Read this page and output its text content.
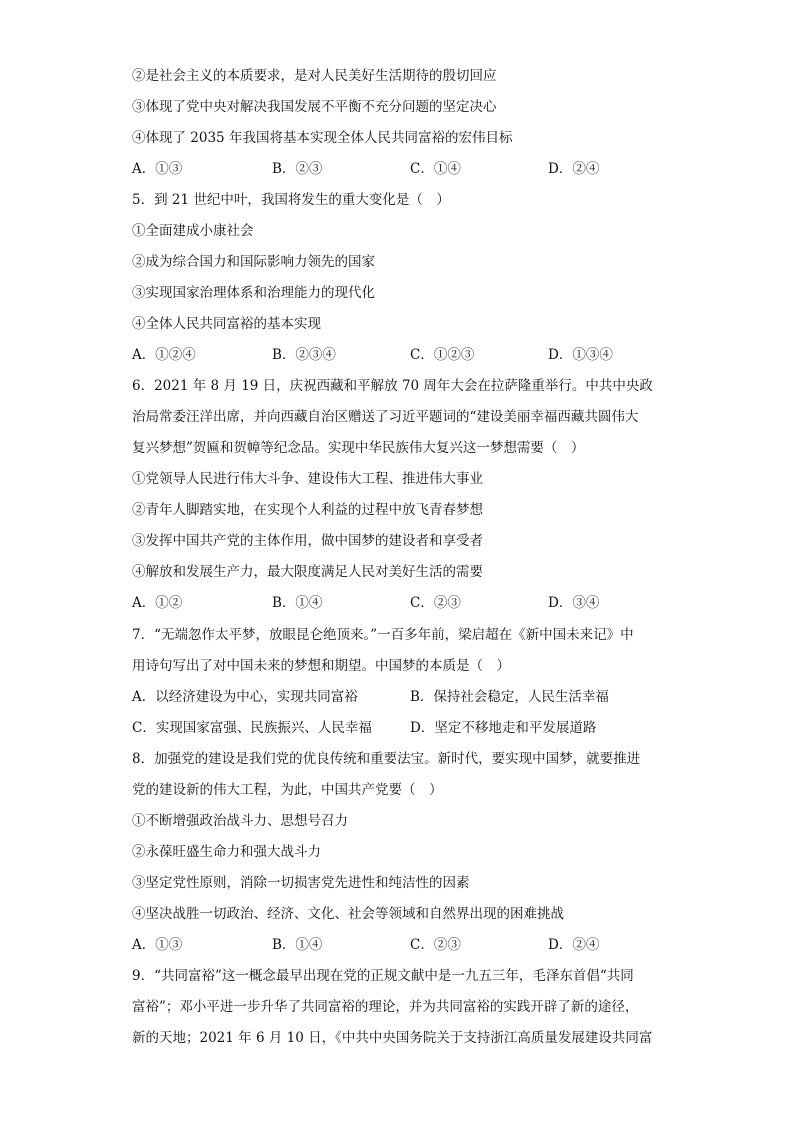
②是社会主义的本质要求，是对人民美好生活期待的殷切回应
③体现了党中央对解决我国发展不平衡不充分问题的坚定决心
④体现了 2035 年我国将基本实现全体人民共同富裕的宏伟目标
A．①③	B．②③	C．①④	D．②④
5．到 21 世纪中叶，我国将发生的重大变化是（　）
①全面建成小康社会
②成为综合国力和国际影响力领先的国家
③实现国家治理体系和治理能力的现代化
④全体人民共同富裕的基本实现
A．①②④	B．②③④	C．①②③	D．①③④
6．2021 年 8 月 19 日，庆祝西藏和平解放 70 周年大会在拉萨隆重举行。中共中央政
治局常委汪洋出席，并向西藏自治区赠送了习近平题词的“建设美丽幸福西藏共圆伟大
复兴梦想”贺匾和贺幛等纪念品。实现中华民族伟大复兴这一梦想需要（　）
①党领导人民进行伟大斗争、建设伟大工程、推进伟大事业
②青年人脚踏实地，在实现个人利益的过程中放飞青春梦想
③发挥中国共产党的主体作用，做中国梦的建设者和享受者
④解放和发展生产力，最大限度满足人民对美好生活的需要
A．①②	B．①④	C．②③	D．③④
7．“无端忽作太平梦，放眼昆仑绝顶来。”一百多年前，梁启超在《新中国未来记》中
用诗句写出了对中国未来的梦想和期望。中国梦的本质是（　）
A．以经济建设为中心，实现共同富裕	B．保持社会稳定，人民生活幸福
C．实现国家富强、民族振兴、人民幸福	D．坚定不移地走和平发展道路
8．加强党的建设是我们党的优良传统和重要法宝。新时代，要实现中国梦，就要推进
党的建设新的伟大工程，为此，中国共产党要（　）
①不断增强政治战斗力、思想号召力
②永葆旺盛生命力和强大战斗力
③坚定党性原则，消除一切损害党先进性和纯洁性的因素
④坚决战胜一切政治、经济、文化、社会等领域和自然界出现的困难挑战
A．①③	B．①④	C．②③	D．②④
9．“共同富裕”这一概念最早出现在党的正规文献中是一九五三年，毛泽东首倡“共同
富裕”；邓小平进一步升华了共同富裕的理论，并为共同富裕的实践开辟了新的途径，
新的天地；2021 年 6 月 10 日，《中共中央国务院关于支持浙江高质量发展建设共同富
